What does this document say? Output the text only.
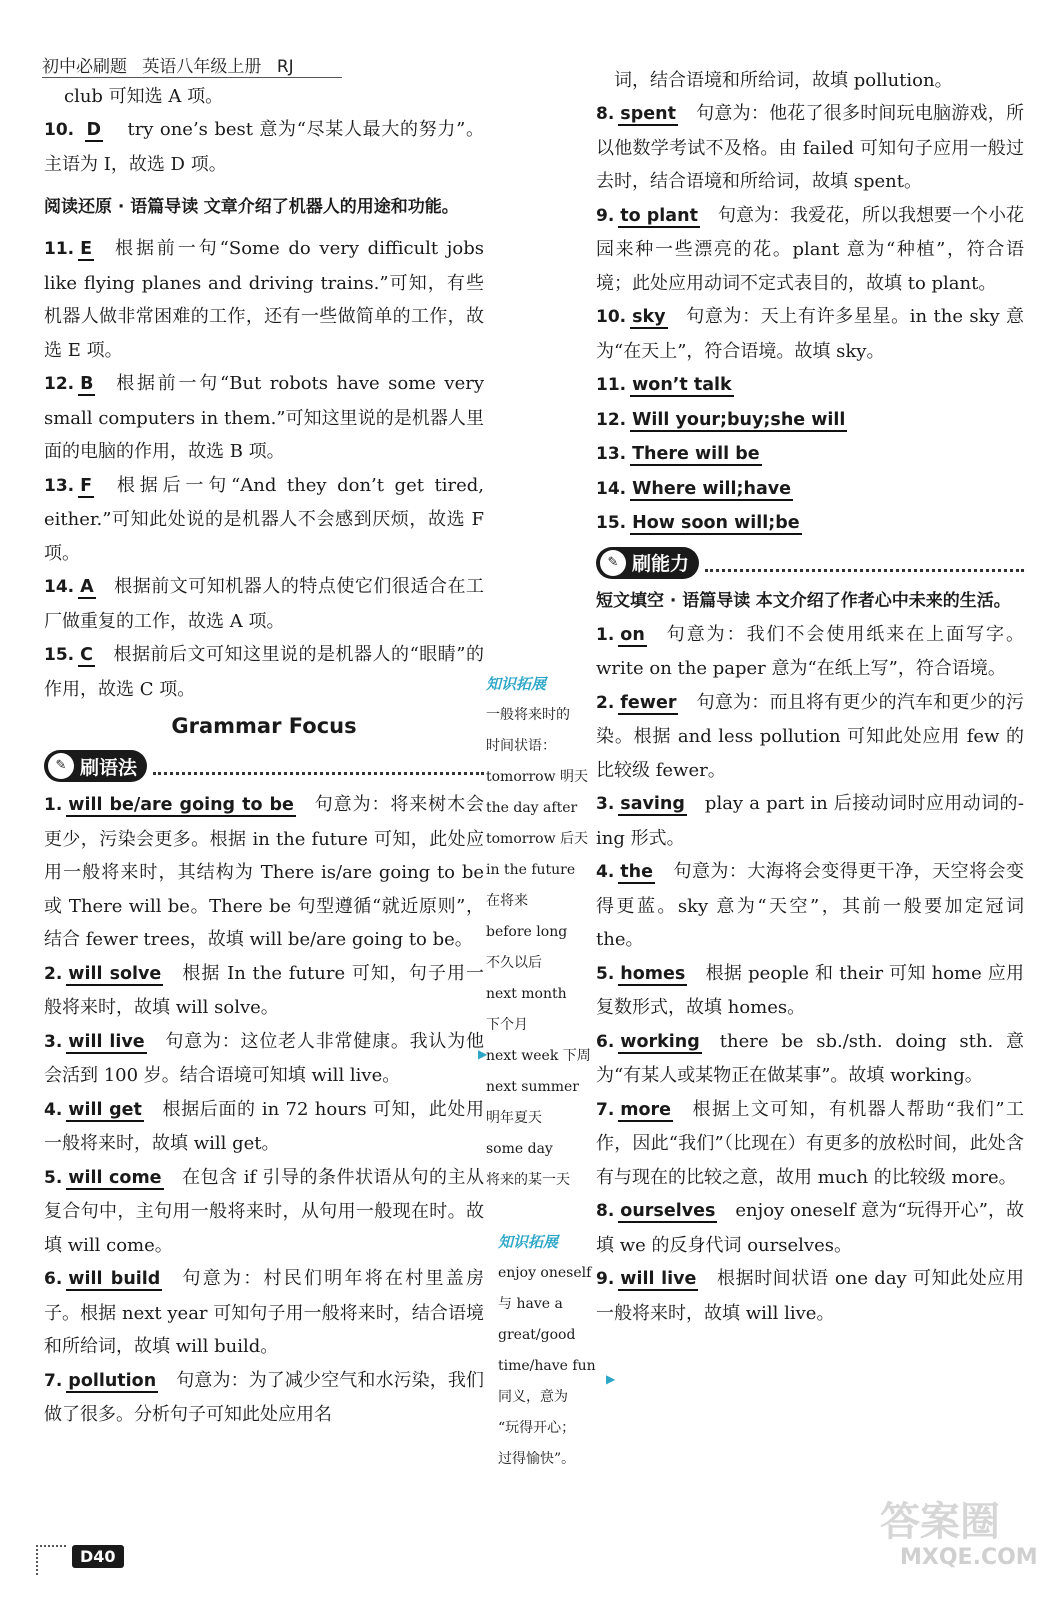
初中必刷题 英语八年级上册 RJ
club 可知选 A 项。
10. D try one’s best 意为“尽某人最大的努力”。主语为 I，故选 D 项。
阅读还原 · 语篇导读 文章介绍了机器人的用途和功能。
11. E 根据前一句“Some do very difficult jobs like flying planes and driving trains.”可知，有些机器人做非常困难的工作，还有一些做简单的工作，故选 E 项。
12. B 根据前一句“But robots have some very small computers in them.”可知这里说的是机器人里面的电脑的作用，故选 B 项。
13. F 根据后一句“And they don’t get tired, either.”可知此处说的是机器人不会感到厌烦，故选 F 项。
14. A 根据前文可知机器人的特点使它们很适合在工厂做重复的工作，故选 A 项。
15. C 根据前后文可知这里说的是机器人的“眼睛”的作用，故选 C 项。
Grammar Focus
✎ 刷语法
1. will be/are going to be 句意为：将来树木会更少，污染会更多。根据 in the future 可知，此处应用一般将来时，其结构为 There is/are going to be 或 There will be。There be 句型遵循“就近原则”，结合 fewer trees，故填 will be/are going to be。
2. will solve 根据 In the future 可知，句子用一般将来时，故填 will solve。
3. will live 句意为：这位老人非常健康。我认为他会活到 100 岁。结合语境可知填 will live。
4. will get 根据后面的 in 72 hours 可知，此处用一般将来时，故填 will get。
5. will come 在包含 if 引导的条件状语从句的主从复合句中，主句用一般将来时，从句用一般现在时。故填 will come。
6. will build 句意为：村民们明年将在村里盖房子。根据 next year 可知句子用一般将来时，结合语境和所给词，故填 will build。
7. pollution 句意为：为了减少空气和水污染，我们做了很多。分析句子可知此处应用名
知识拓展
一般将来时的
时间状语：
tomorrow 明天
the day after
tomorrow 后天
in the future
在将来
before long
不久以后
next month
下个月
next week 下周
next summer
明年夏天
some day
将来的某一天
知识拓展
enjoy oneself
与 have a
great/good
time/have fun
同义，意为
“玩得开心；
过得愉快”。
▶
▶
词，结合语境和所给词，故填 pollution。
8. spent 句意为：他花了很多时间玩电脑游戏，所以他数学考试不及格。由 failed 可知句子应用一般过去时，结合语境和所给词，故填 spent。
9. to plant 句意为：我爱花，所以我想要一个小花园来种一些漂亮的花。plant 意为“种植”，符合语境；此处应用动词不定式表目的，故填 to plant。
10. sky 句意为：天上有许多星星。in the sky 意为“在天上”，符合语境。故填 sky。
11. won’t talk
12. Will your;buy;she will
13. There will be
14. Where will;have
15. How soon will;be
✎ 刷能力
短文填空 · 语篇导读 本文介绍了作者心中未来的生活。
1. on 句意为：我们不会使用纸来在上面写字。write on the paper 意为“在纸上写”，符合语境。
2. fewer 句意为：而且将有更少的汽车和更少的污染。根据 and less pollution 可知此处应用 few 的比较级 fewer。
3. saving play a part in 后接动词时应用动词的-ing 形式。
4. the 句意为：大海将会变得更干净，天空将会变得更蓝。sky 意为“天空”，其前一般要加定冠词 the。
5. homes 根据 people 和 their 可知 home 应用复数形式，故填 homes。
6. working there be sb./sth. doing sth. 意为“有某人或某物正在做某事”。故填 working。
7. more 根据上文可知，有机器人帮助“我们”工作，因此“我们”（比现在）有更多的放松时间，此处含有与现在的比较之意，故用 much 的比较级 more。
8. ourselves enjoy oneself 意为“玩得开心”，故填 we 的反身代词 ourselves。
9. will live 根据时间状语 one day 可知此处应用一般将来时，故填 will live。
D40
答案圈
MXQE.COM
